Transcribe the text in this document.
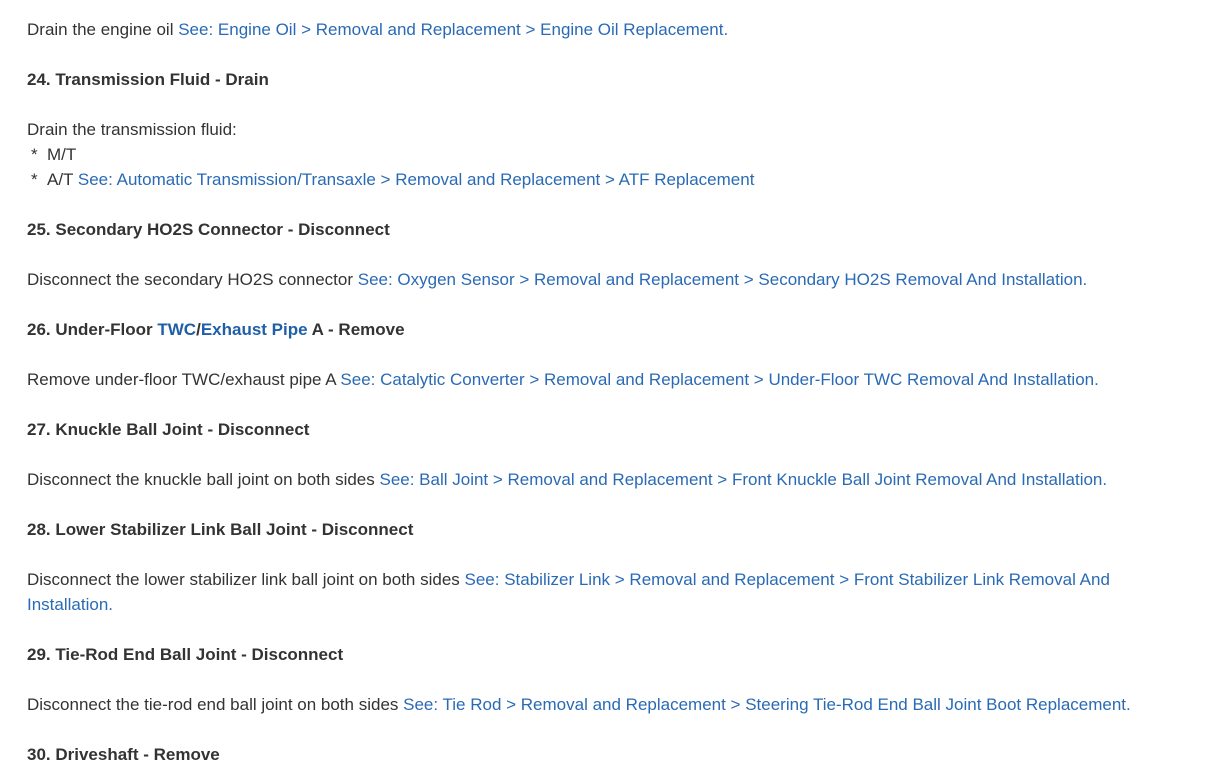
Drain the engine oil See: Engine Oil > Removal and Replacement > Engine Oil Replacement.
24. Transmission Fluid - Drain
Drain the transmission fluid:
* M/T
* A/T See: Automatic Transmission/Transaxle > Removal and Replacement > ATF Replacement
25. Secondary HO2S Connector - Disconnect
Disconnect the secondary HO2S connector See: Oxygen Sensor > Removal and Replacement > Secondary HO2S Removal And Installation.
26. Under-Floor TWC/Exhaust Pipe A - Remove
Remove under-floor TWC/exhaust pipe A See: Catalytic Converter > Removal and Replacement > Under-Floor TWC Removal And Installation.
27. Knuckle Ball Joint - Disconnect
Disconnect the knuckle ball joint on both sides See: Ball Joint > Removal and Replacement > Front Knuckle Ball Joint Removal And Installation.
28. Lower Stabilizer Link Ball Joint - Disconnect
Disconnect the lower stabilizer link ball joint on both sides See: Stabilizer Link > Removal and Replacement > Front Stabilizer Link Removal And Installation.
29. Tie-Rod End Ball Joint - Disconnect
Disconnect the tie-rod end ball joint on both sides See: Tie Rod > Removal and Replacement > Steering Tie-Rod End Ball Joint Boot Replacement.
30. Driveshaft - Remove
